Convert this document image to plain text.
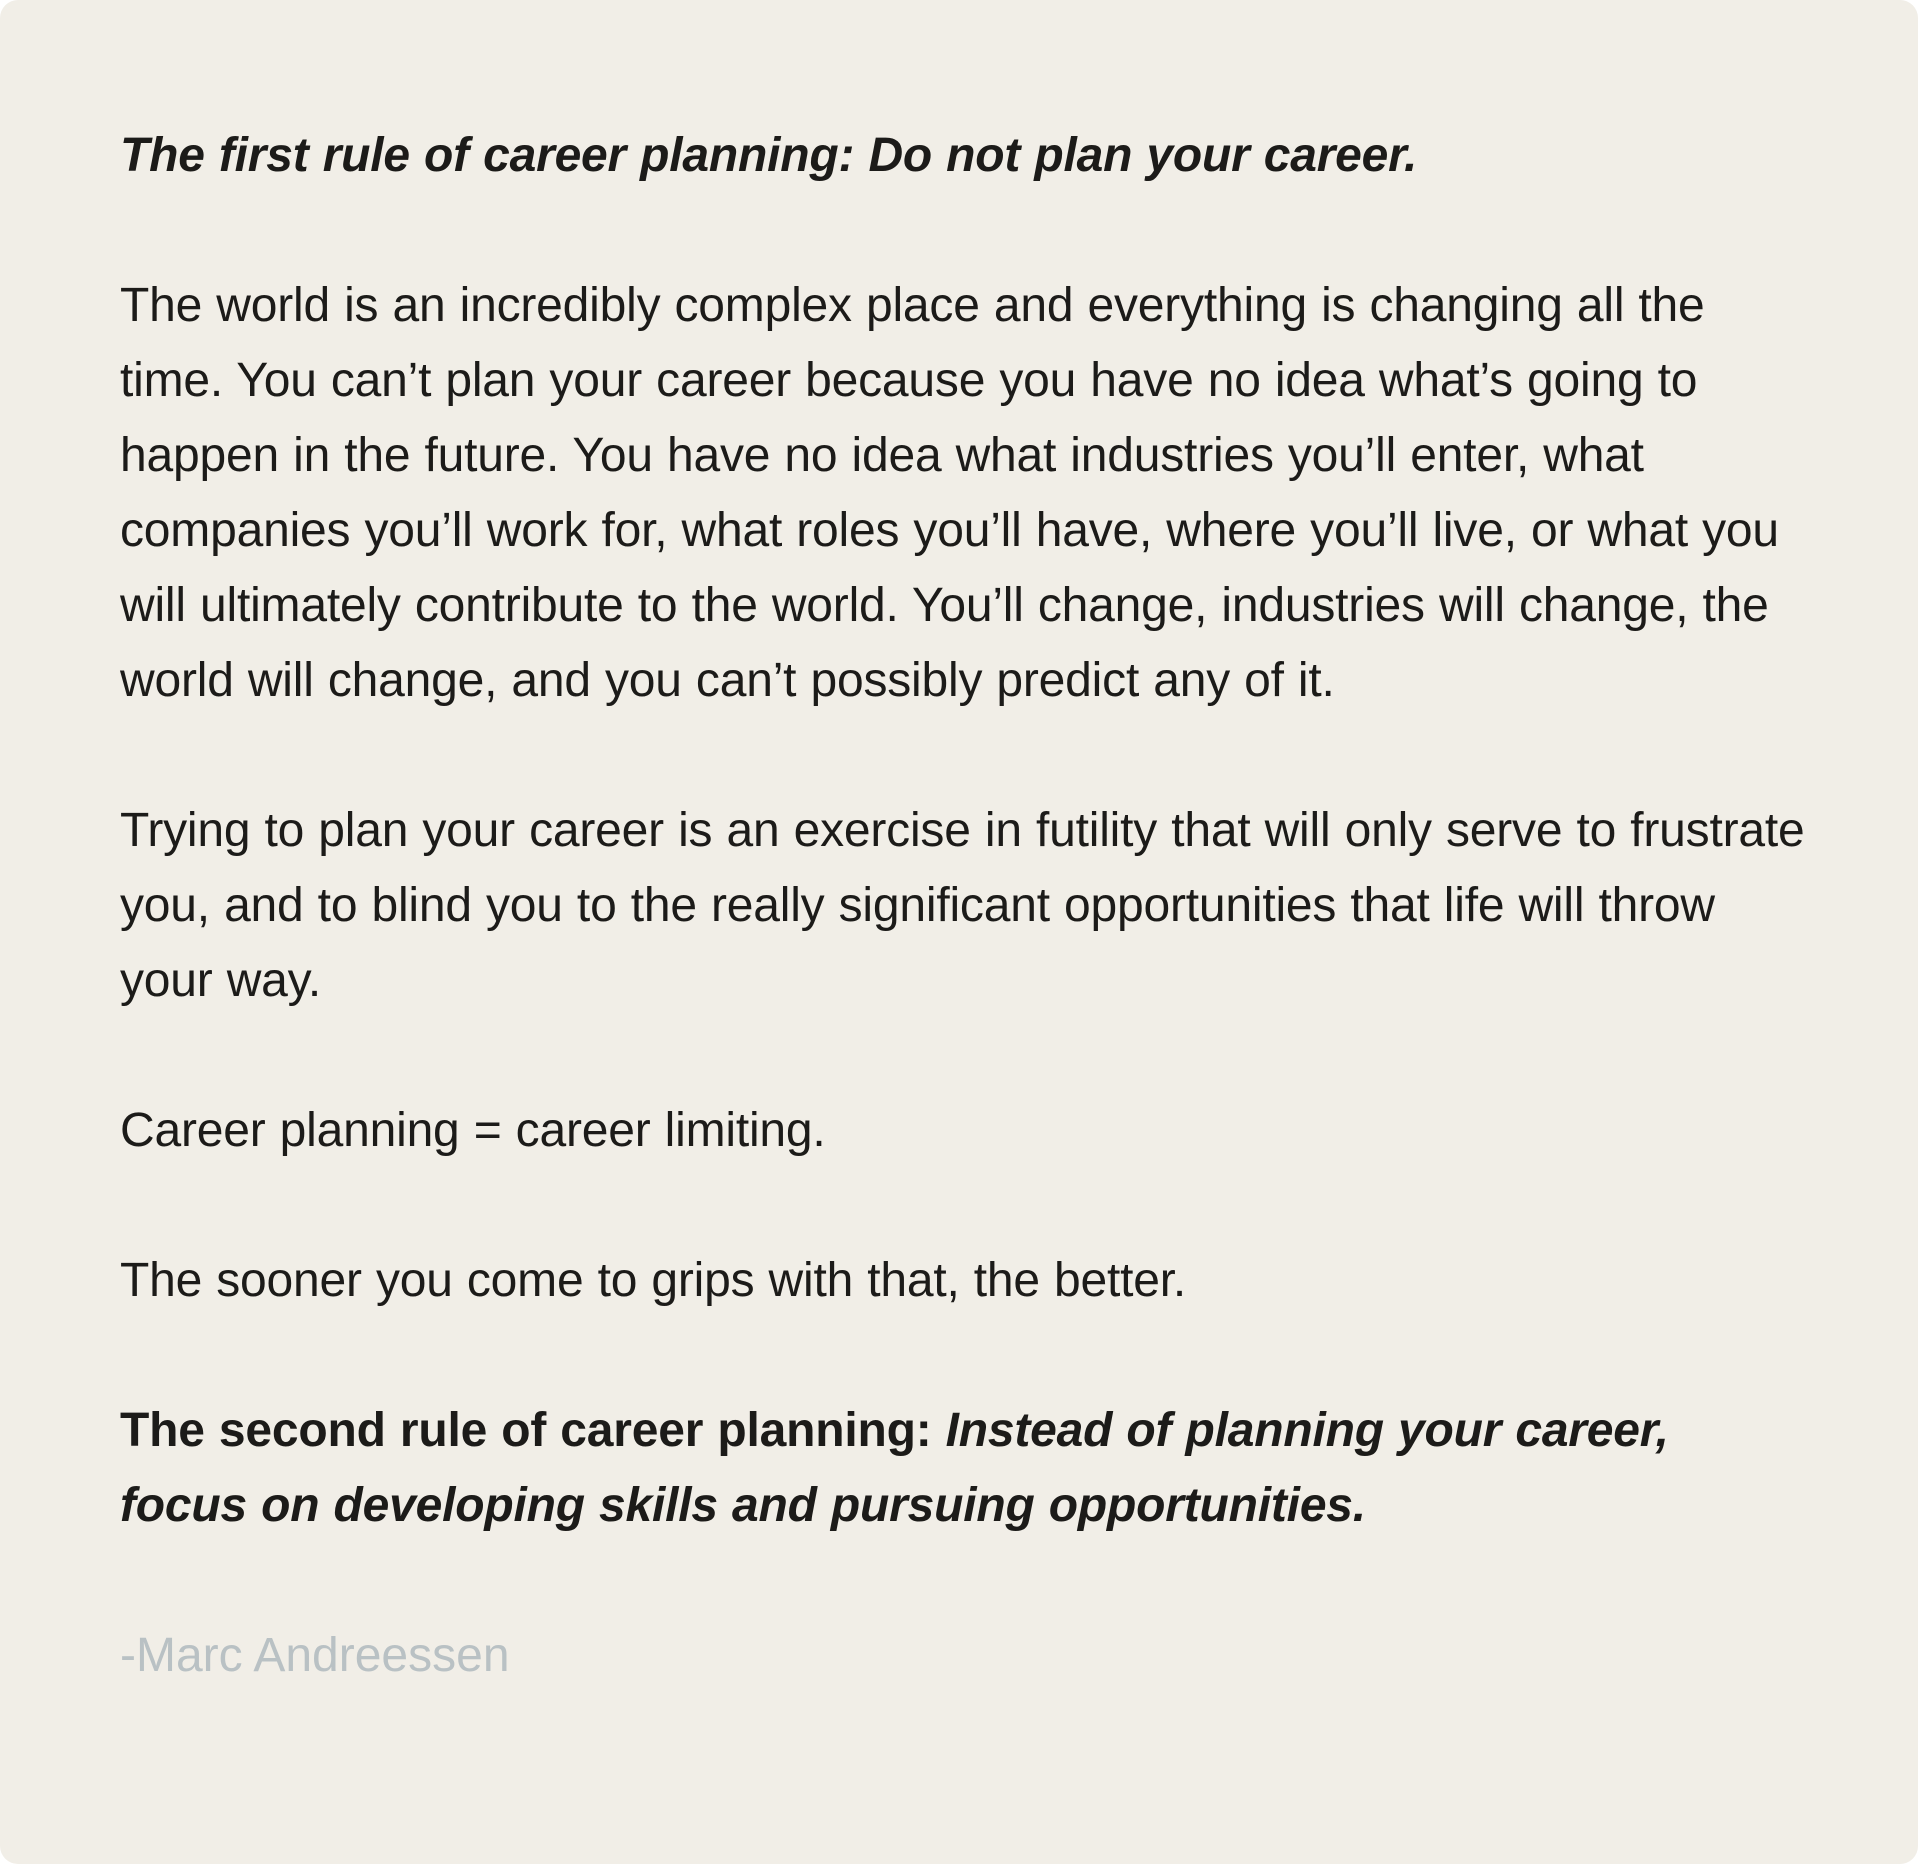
The first rule of career planning: Do not plan your career.

The world is an incredibly complex place and everything is changing all the time. You can’t plan your career because you have no idea what’s going to happen in the future. You have no idea what industries you’ll enter, what companies you’ll work for, what roles you’ll have, where you’ll live, or what you will ultimately contribute to the world. You’ll change, industries will change, the world will change, and you can’t possibly predict any of it.

Trying to plan your career is an exercise in futility that will only serve to frustrate you, and to blind you to the really significant opportunities that life will throw your way.

Career planning = career limiting.

The sooner you come to grips with that, the better.

The second rule of career planning: Instead of planning your career, focus on developing skills and pursuing opportunities.

-Marc Andreessen
